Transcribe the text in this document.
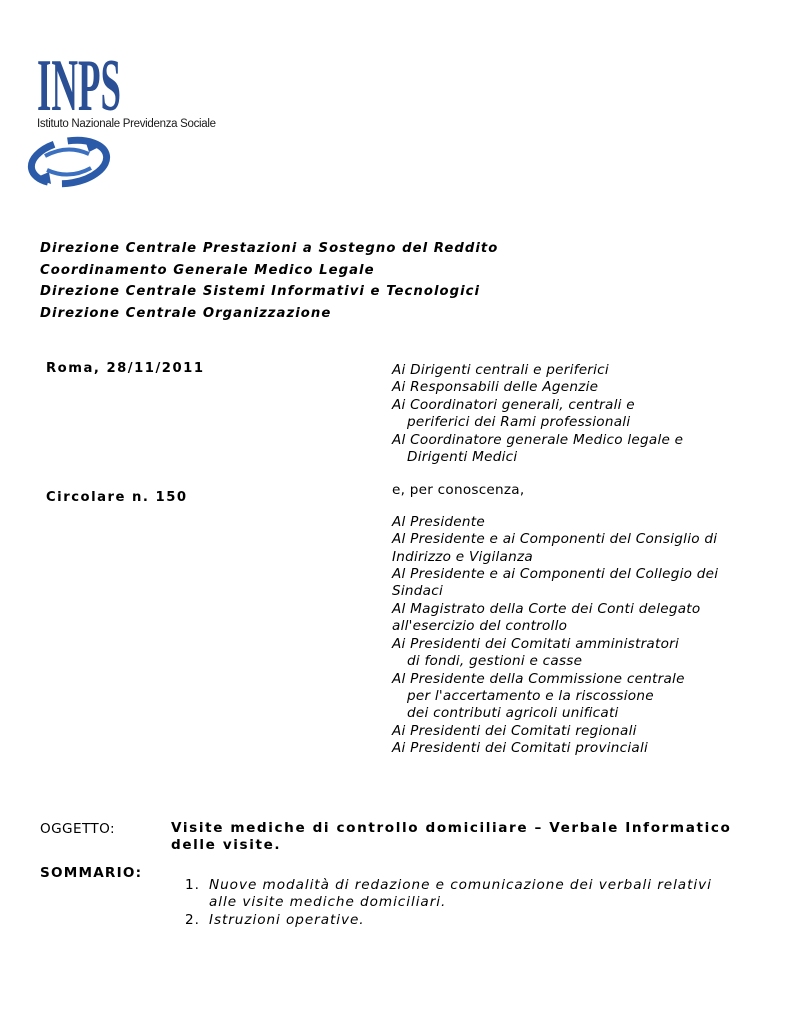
INPS
Istituto Nazionale Previdenza Sociale
Direzione Centrale Prestazioni a Sostegno del Reddito
Coordinamento Generale Medico Legale
Direzione Centrale Sistemi Informativi e Tecnologici
Direzione Centrale Organizzazione
Roma, 28/11/2011
Circolare n. 150
Ai Dirigenti centrali e periferici
Ai Responsabili delle Agenzie
Ai Coordinatori generali, centrali e
periferici dei Rami professionali
Al Coordinatore generale Medico legale e
Dirigenti Medici
e, per conoscenza,
Al Presidente
Al Presidente e ai Componenti del Consiglio di
Indirizzo e Vigilanza
Al Presidente e ai Componenti del Collegio dei
Sindaci
Al Magistrato della Corte dei Conti delegato
all'esercizio del controllo
Ai Presidenti dei Comitati amministratori
di fondi, gestioni e casse
Al Presidente della Commissione centrale
per l'accertamento e la riscossione
dei contributi agricoli unificati
Ai Presidenti dei Comitati regionali
Ai Presidenti dei Comitati provinciali
OGGETTO:	Visite mediche di controllo domiciliare – Verbale Informatico delle visite.
SOMMARIO:
1. Nuove modalità di redazione e comunicazione dei verbali relativi alle visite mediche domiciliari.
2. Istruzioni operative.
